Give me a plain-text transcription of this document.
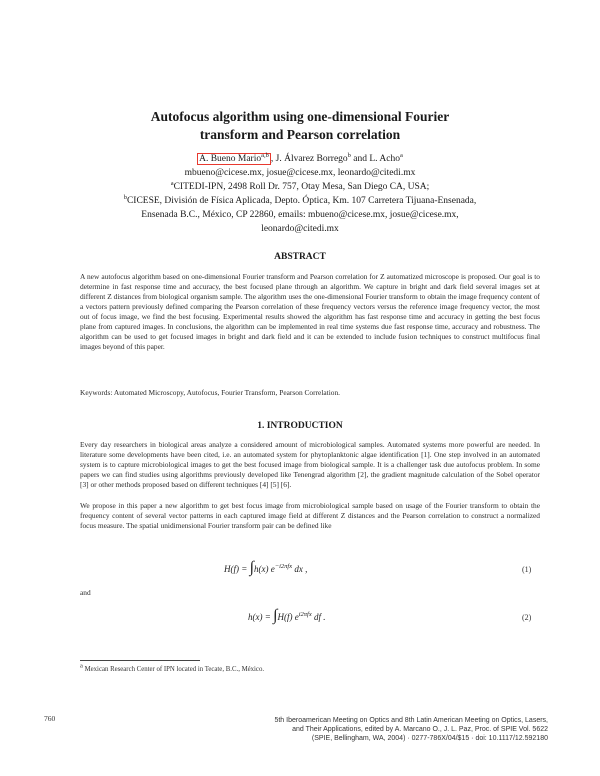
Autofocus algorithm using one-dimensional Fourier
transform and Pearson correlation
A. Bueno Mario$^{a,b}$ , J. Álvarez Borrego$^b$ and L. Acho$^a$
mbueno@cicese.mx, josue@cicese.mx, leonardo@citedi.mx
$^a$CITEDI-IPN, 2498 Roll Dr. 757, Otay Mesa, San Diego CA, USA;
$^b$CICESE, División de Física Aplicada, Depto. Óptica, Km. 107 Carretera Tijuana-Ensenada,
Ensenada B.C., México, CP 22860, emails: mbueno@cicese.mx, josue@cicese.mx,
leonardo@citedi.mx
ABSTRACT
A new autofocus algorithm based on one-dimensional Fourier transform and Pearson correlation for Z automatized microscope is proposed. Our goal is to determine in fast response time and accuracy, the best focused plane through an algorithm. We capture in bright and dark field several images set at different Z distances from biological organism sample. The algorithm uses the one-dimensional Fourier transform to obtain the image frequency content of a vectors pattern previously defined comparing the Pearson correlation of these frequency vectors versus the reference image frequency vector, the most out of focus image, we find the best focusing. Experimental results showed the algorithm has fast response time and accuracy in getting the best focus plane from captured images. In conclusions, the algorithm can be implemented in real time systems due fast response time, accuracy and robustness. The algorithm can be used to get focused images in bright and dark field and it can be extended to include fusion techniques to construct multifocus final images beyond of this paper.
Keywords: Automated Microscopy, Autofocus, Fourier Transform, Pearson Correlation.
1. INTRODUCTION
Every day researchers in biological areas analyze a considered amount of microbiological samples. Automated systems more powerful are needed. In literature some developments have been cited, i.e. an automated system for phytoplanktonic algae identification [1]. One step involved in an automated system is to capture microbiological images to get the best focused image from biological sample. It is a challenger task due autofocus problem. In some papers we can find studies using algorithms previously developed like Tenengrad algorithm [2], the gradient magnitude calculation of the Sobel operator [3] or other methods proposed based on different techniques [4] [5] [6].
We propose in this paper a new algorithm to get best focus image from microbiological sample based on usage of the Fourier transform to obtain the frequency content of several vector patterns in each captured image field at different Z distances and the Pearson correlation to construct a normalized focus measure. The spatial unidimensional Fourier transform pair can be defined like
H(f) = ∫h(x) $e^{-i2\pi fx}$ dx ,	(1)
and
h(x) = ∫H(f) $e^{i2\pi fx}$ df .	(2)
$^a$ Mexican Research Center of IPN located in Tecate, B.C., México.
760	5th Iberoamerican Meeting on Optics and 8th Latin American Meeting on Optics, Lasers,
and Their Applications, edited by A. Marcano O., J. L. Paz, Proc. of SPIE Vol. 5622
(SPIE, Bellingham, WA, 2004) · 0277-786X/04/$15 · doi: 10.1117/12.592180
